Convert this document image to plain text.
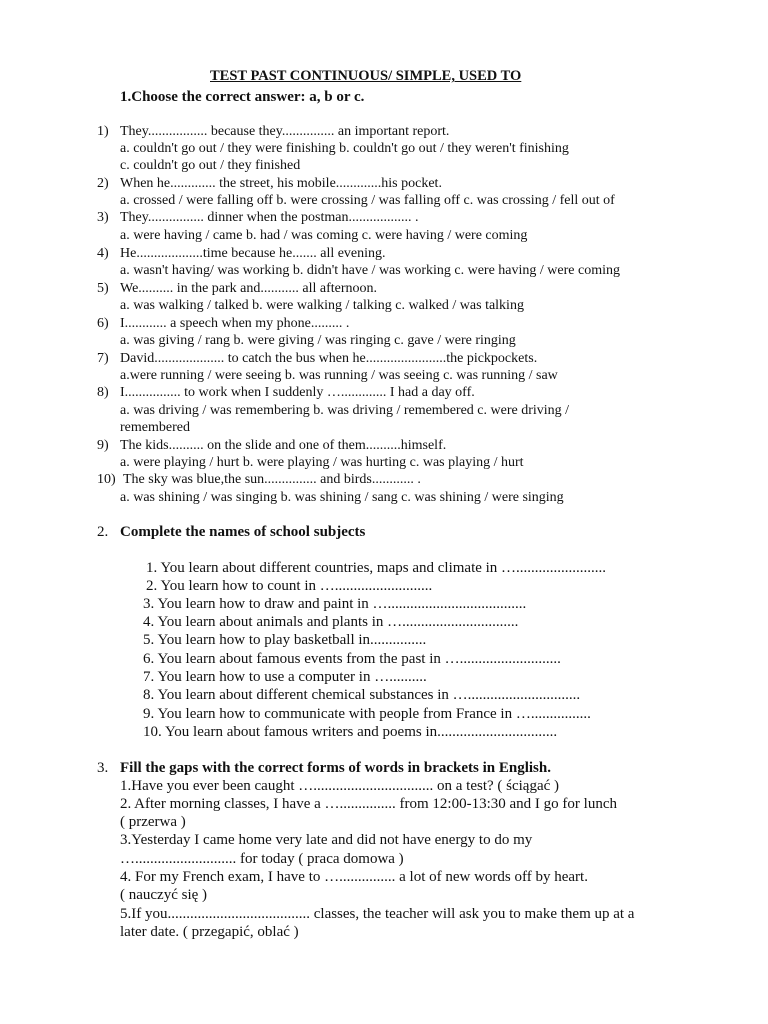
TEST PAST CONTINUOUS/ SIMPLE, USED TO
1.Choose the correct answer: a, b or c.
1) They................. because they............... an important report.
a. couldn't go out / they were finishing b. couldn't go out / they weren't finishing
c. couldn't go out / they finished
2) When he............. the street, his mobile.............his pocket.
a. crossed / were falling off b. were crossing / was falling off c. was crossing / fell out of
3) They................ dinner when the postman.................. .
a. were having / came b. had / was coming c. were having / were coming
4) He...................time because he....... all evening.
a. wasn't having/ was working b. didn't have / was working c. were having / were coming
5) We.......... in the park and........... all afternoon.
a. was walking / talked b. were walking / talking c. walked / was talking
6) I............ a speech when my phone......... .
a. was giving / rang b. were giving / was ringing c. gave / were ringing
7) David.................... to catch the bus when he.......................the pickpockets.
a.were running / were seeing b. was running / was seeing c. was running / saw
8) I................ to work when I suddenly …............. I had a day off.
a. was driving / was remembering b. was driving / remembered c. were driving /
remembered
9) The kids.......... on the slide and one of them..........himself.
a. were playing / hurt b. were playing / was hurting c. was playing / hurt
10) The sky was blue,the sun............... and birds............ .
a. was shining / was singing b. was shining / sang c. was shining / were singing
2. Complete the names of school subjects
1. You learn about different countries, maps and climate in …........................
2. You learn how to count in …..........................
3. You learn how to draw and paint in ….....................................
4. You learn about animals and plants in …...............................
5. You learn how to play basketball in...............
6. You learn about famous events from the past in …...........................
7. You learn how to use a computer in …..........
8. You learn about different chemical substances in …..............................
9. You learn how to communicate with people from France in …................
10. You learn about famous writers and poems in................................
3. Fill the gaps with the correct forms of words in brackets in English.
1.Have you ever been caught …................................ on a test? ( ściągać )
2. After morning classes, I have a …............... from 12:00-13:30 and I go for lunch
( przerwa )
3.Yesterday I came home very late and did not have energy to do my
…........................... for today ( praca domowa )
4. For my French exam, I have to …............... a lot of new words off by heart.
( nauczyć się )
5.If you...................................... classes, the teacher will ask you to make them up at a
later date. ( przegapić, oblać )
